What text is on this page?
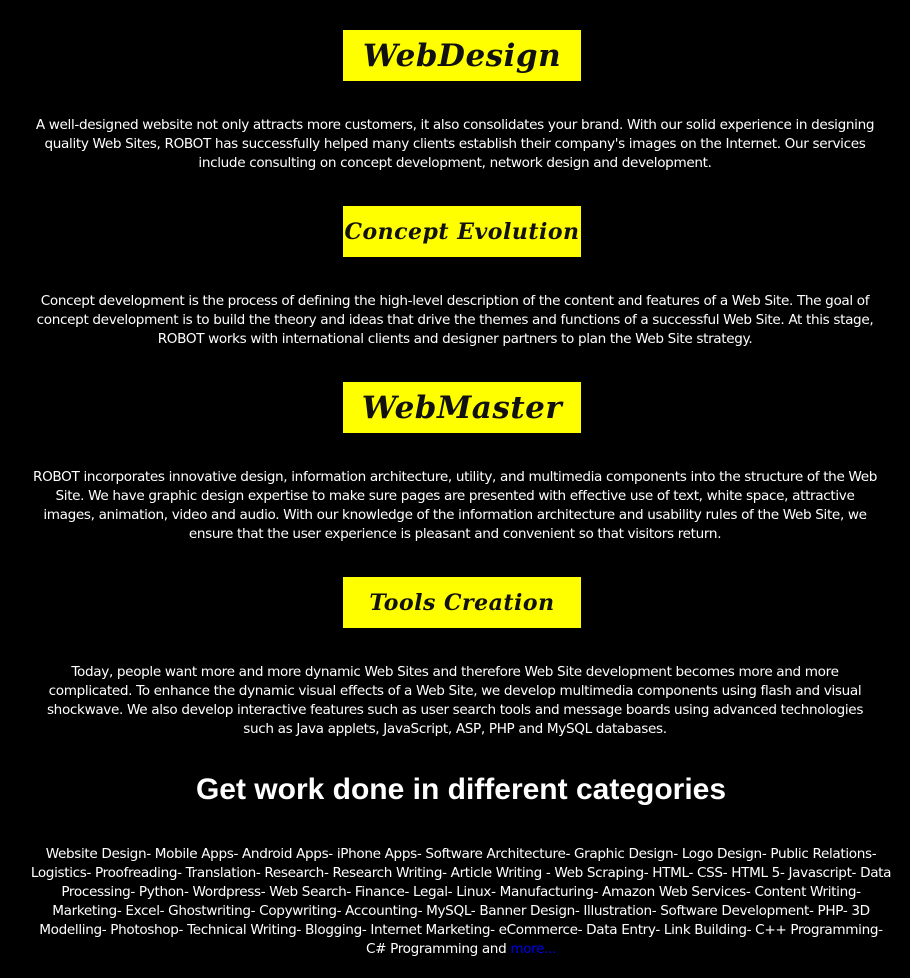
WebDesign

A well-designed website not only attracts more customers, it also consolidates your brand. With our solid experience in designing quality Web Sites, ROBOT has successfully helped many clients establish their company's images on the Internet. Our services include consulting on concept development, network design and development.

Concept Evolution

Concept development is the process of defining the high-level description of the content and features of a Web Site. The goal of concept development is to build the theory and ideas that drive the themes and functions of a successful Web Site. At this stage, ROBOT works with international clients and designer partners to plan the Web Site strategy.

WebMaster

ROBOT incorporates innovative design, information architecture, utility, and multimedia components into the structure of the Web Site. We have graphic design expertise to make sure pages are presented with effective use of text, white space, attractive images, animation, video and audio. With our knowledge of the information architecture and usability rules of the Web Site, we ensure that the user experience is pleasant and convenient so that visitors return.

Tools Creation

Today, people want more and more dynamic Web Sites and therefore Web Site development becomes more and more complicated. To enhance the dynamic visual effects of a Web Site, we develop multimedia components using flash and visual shockwave. We also develop interactive features such as user search tools and message boards using advanced technologies such as Java applets, JavaScript, ASP, PHP and MySQL databases.

Get work done in different categories

Website Design- Mobile Apps- Android Apps- iPhone Apps- Software Architecture- Graphic Design- Logo Design- Public Relations- Logistics- Proofreading- Translation- Research- Research Writing- Article Writing - Web Scraping- HTML- CSS- HTML 5- Javascript- Data Processing- Python- Wordpress- Web Search- Finance- Legal- Linux- Manufacturing- Amazon Web Services- Content Writing- Marketing- Excel- Ghostwriting- Copywriting- Accounting- MySQL- Banner Design- Illustration- Software Development- PHP- 3D Modelling- Photoshop- Technical Writing- Blogging- Internet Marketing- eCommerce- Data Entry- Link Building- C++ Programming- C# Programming and more...
